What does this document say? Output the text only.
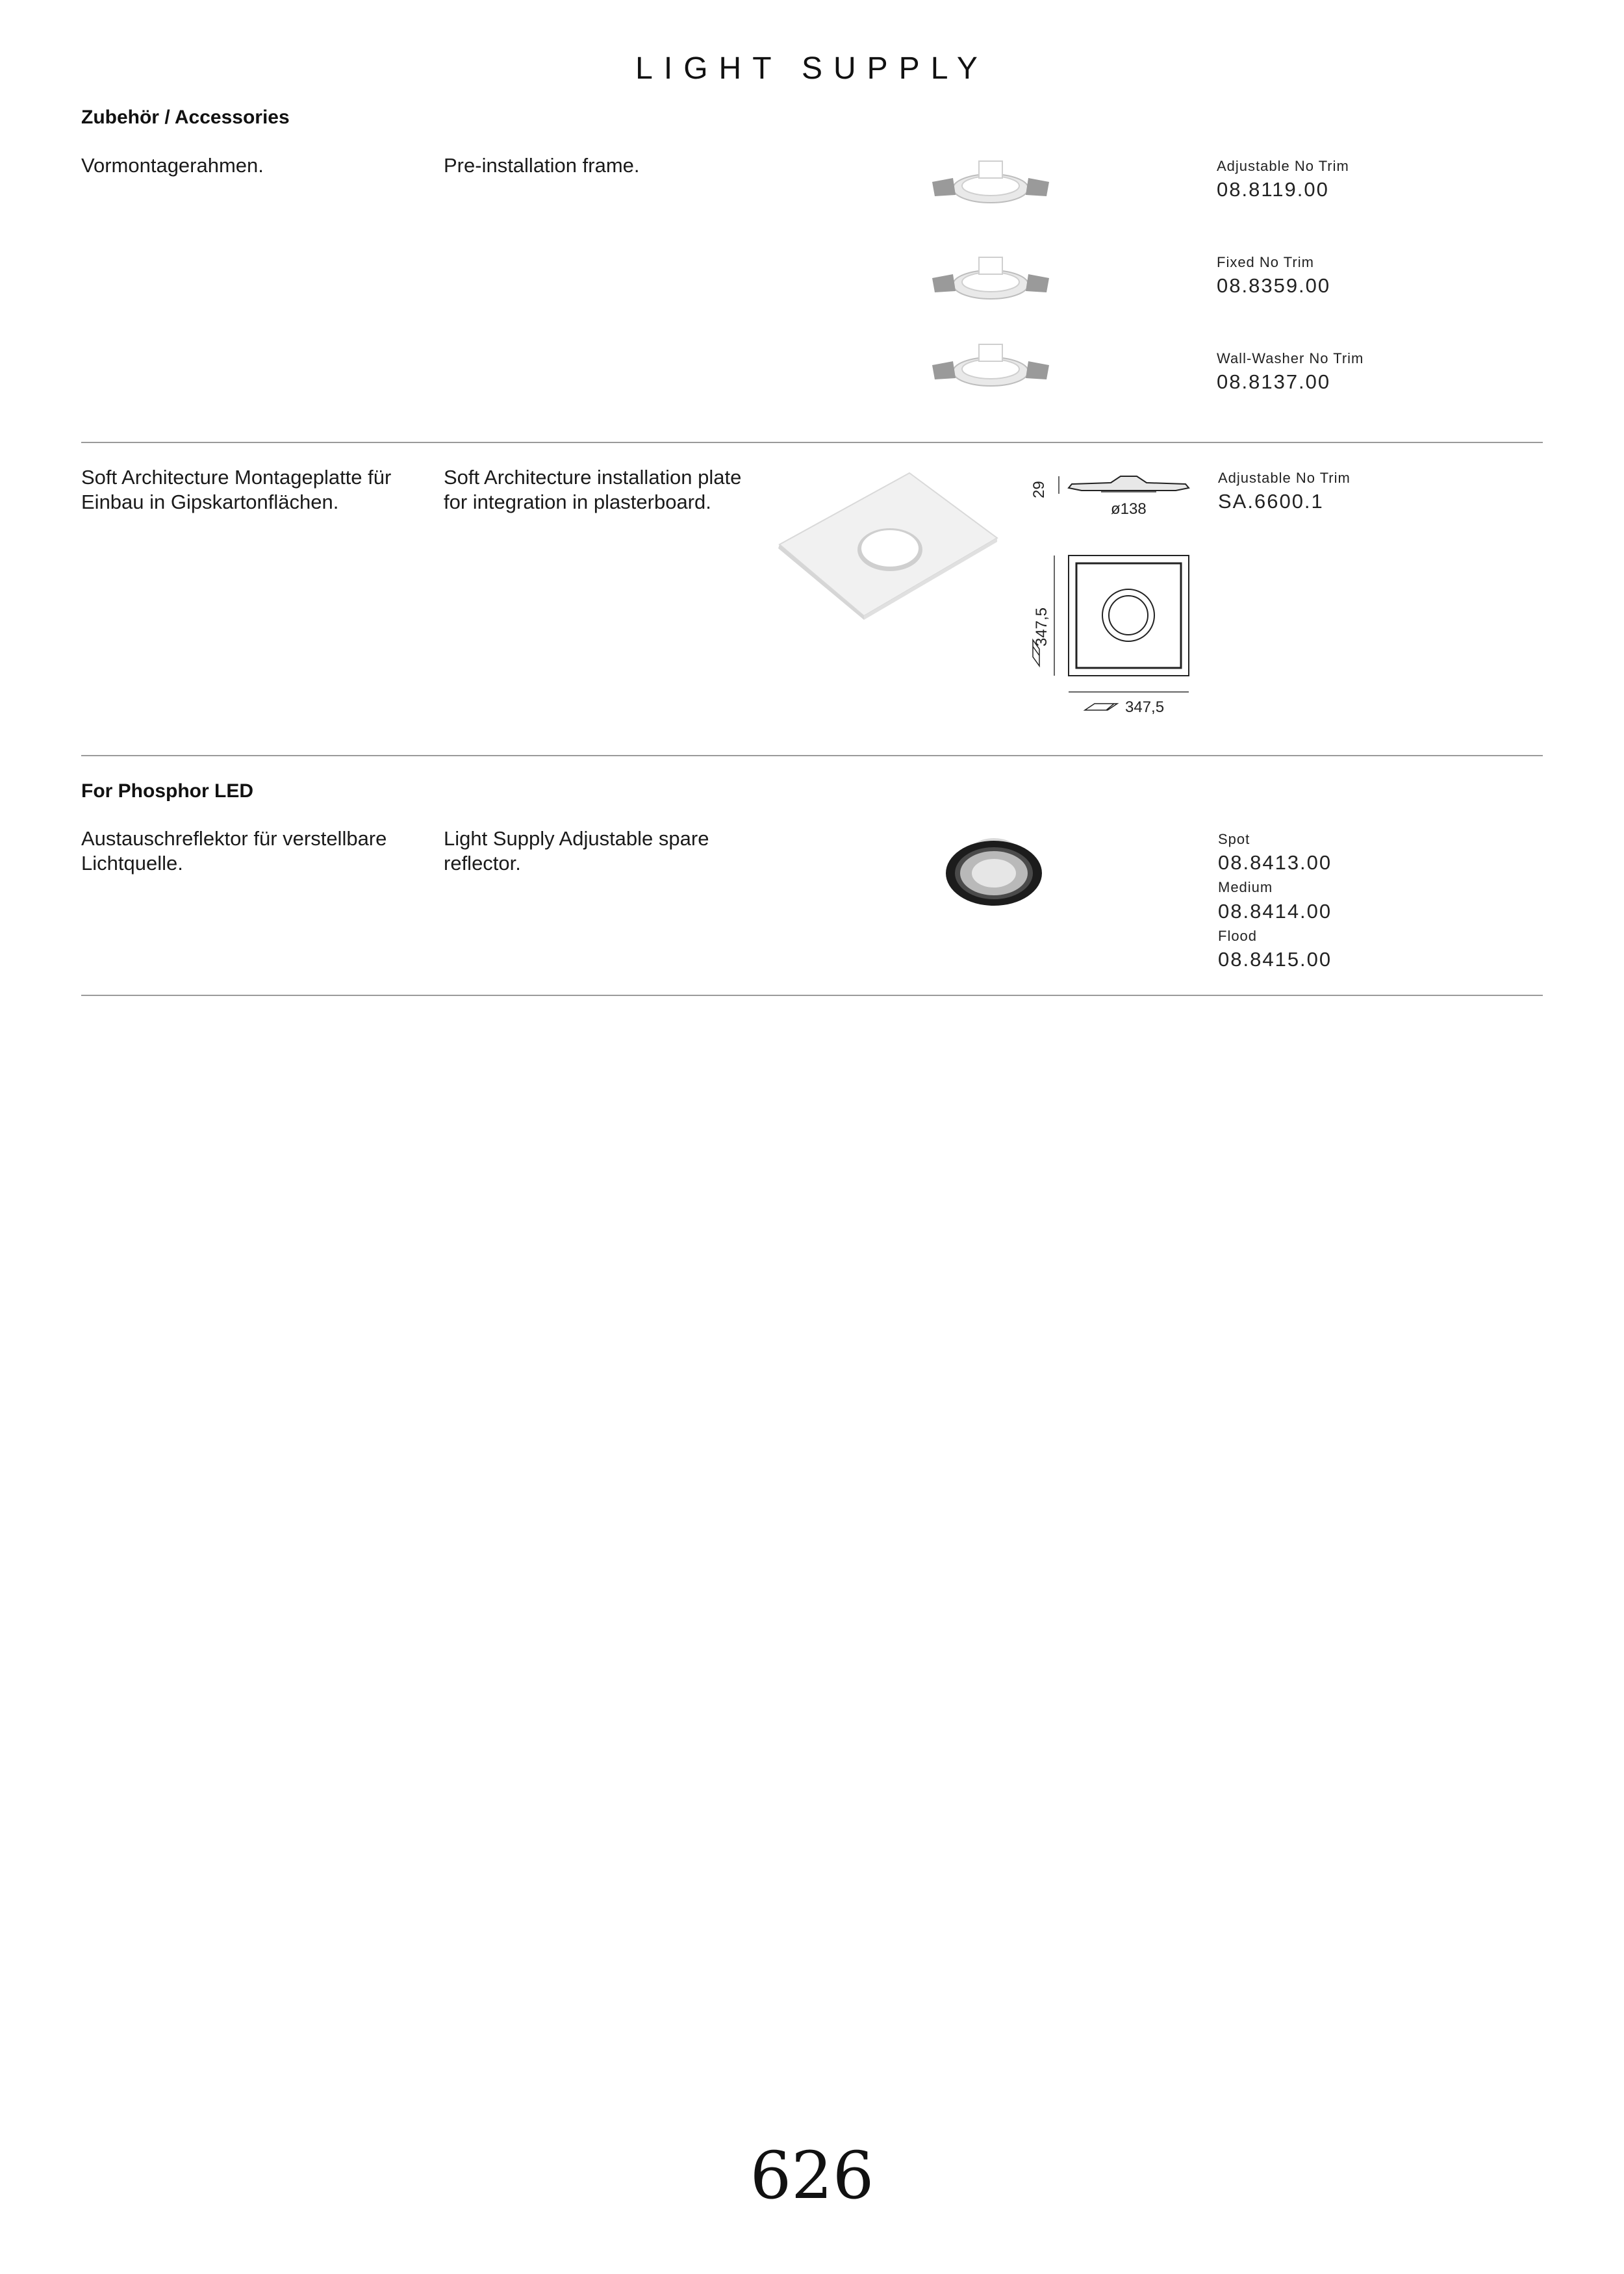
LIGHT SUPPLY
Zubehör / Accessories
Vormontagerahmen.	Pre-installation frame.	Adjustable No Trim
08.8119.00
Fixed No Trim
08.8359.00
Wall-Washer No Trim
08.8137.00
Soft Architecture Montageplatte für
Einbau in Gipskartonflächen.
Soft Architecture installation plate
for integration in plasterboard.
29
ø138
347,5
347,5
Adjustable No Trim
SA.6600.1
For Phosphor LED
Austauschreflektor für verstellbare
Lichtquelle.
Light Supply Adjustable spare
reflector.
Spot
08.8413.00
Medium
08.8414.00
Flood
08.8415.00
626
